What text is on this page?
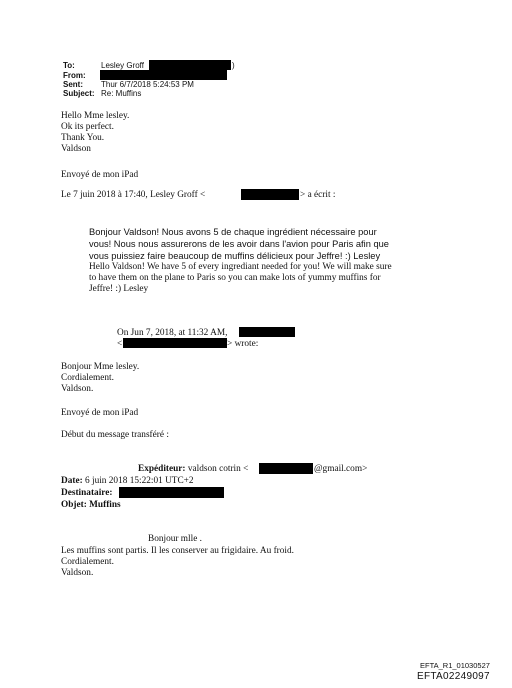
To:	Lesley Groff	)
From:
Sent: Thur 6/7/2018 5:24:53 PM
Subject: Re: Muffins
Hello Mme lesley.
Ok its perfect.
Thank You.
Valdson
Envoyé de mon iPad
Le 7 juin 2018 à 17:40, Lesley Groff <	> a écrit :
Bonjour Valdson! Nous avons 5 de chaque ingrédient nécessaire pour
vous! Nous nous assurerons de les avoir dans l'avion pour Paris afin que
vous puissiez faire beaucoup de muffins délicieux pour Jeffre! :) Lesley
Hello Valdson! We have 5 of every ingrediant needed for you! We will make sure
to have them on the plane to Paris so you can make lots of yummy muffins for
Jeffre! :) Lesley
On Jun 7, 2018, at 11:32 AM,
<	> wrote:
Bonjour Mme lesley.
Cordialement.
Valdson.
Envoyé de mon iPad
Début du message transféré :
Expéditeur: valdson cotrin <	@gmail.com>
Date: 6 juin 2018 15:22:01 UTC+2
Destinataire:
Objet: Muffins
Bonjour mlle .
Les muffins sont partis. Il les conserver au frigidaire. Au froid.
Cordialement.
Valdson.
EFTA_R1_01030527
EFTA02249097
